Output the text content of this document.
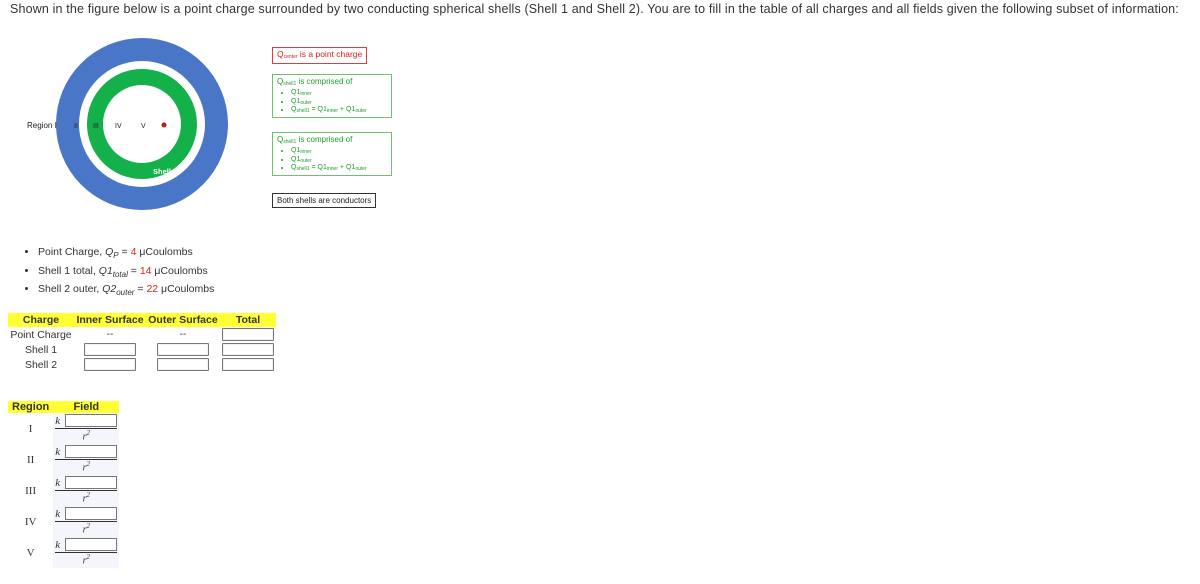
Shown in the figure below is a point charge surrounded by two conducting spherical shells (Shell 1 and Shell 2). You are to fill in the table of all charges and all fields given the following subset of information:
Region I II III IV	V
Shell 1
Shell 2
$Q_{center}$ is a point charge
$Q_{shell1}$ is comprised of
• $Q1_{inner}$
• $Q1_{outer}$
• $Q_{shell1} = Q1_{inner} + Q1_{outer}$
$Q_{shell1}$ is comprised of
• $Q1_{inner}$
• $Q1_{outer}$
• $Q_{shell1} = Q1_{inner} + Q1_{outer}$
Both shells are conductors
• Point Charge, $Q_P = 4$ μCoulombs
• Shell 1 total, $Q1_{total} = 14$ μCoulombs
• Shell 2 outer, $Q2_{outer} = 22$ μCoulombs
Charge	Inner Surface	Outer Surface	Total
Point Charge	--	--	
Shell 1			
Shell 2			
Region	Field
I	k
$r^2$

II	k
$r^2$

III	k
$r^2$

IV	k
$r^2$

V	k
$r^2$
